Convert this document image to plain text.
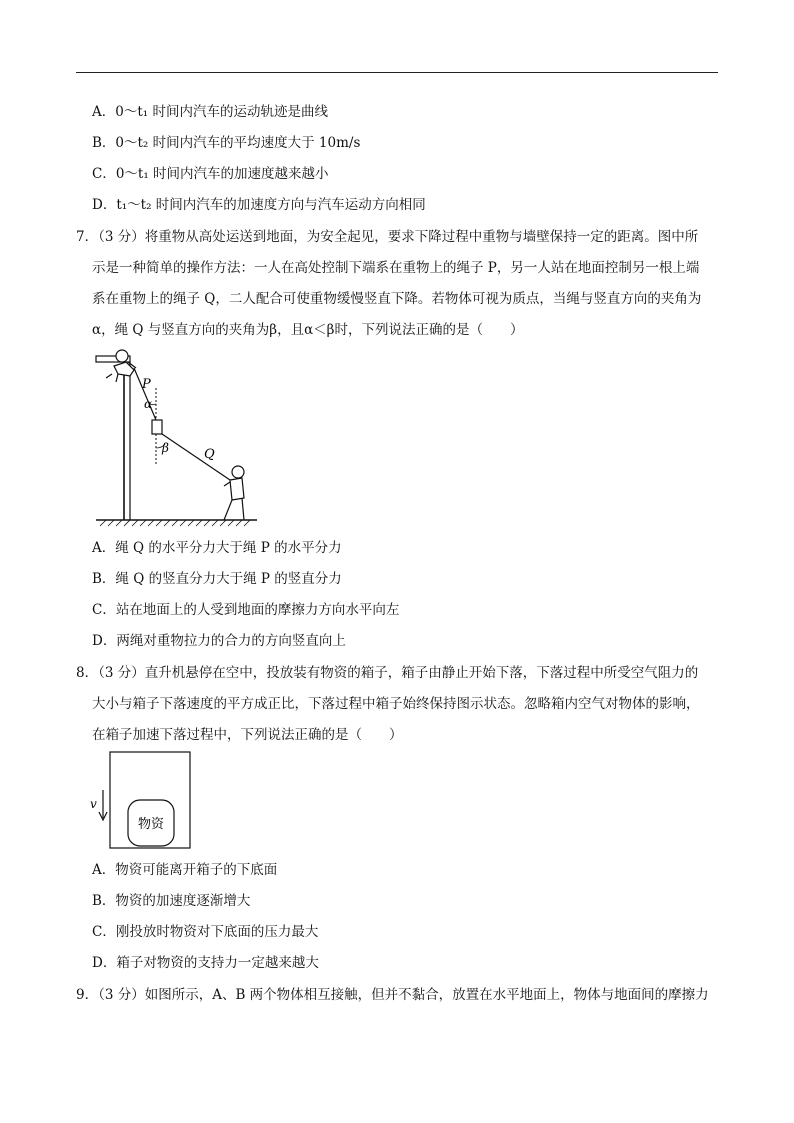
A．0～t₁ 时间内汽车的运动轨迹是曲线
B．0～t₂ 时间内汽车的平均速度大于 10m/s
C．0～t₁ 时间内汽车的加速度越来越小
D．t₁～t₂ 时间内汽车的加速度方向与汽车运动方向相同
7．（3 分）将重物从高处运送到地面，为安全起见，要求下降过程中重物与墙壁保持一定的距离。图中所
示是一种简单的操作方法：一人在高处控制下端系在重物上的绳子 P，另一人站在地面控制另一根上端
系在重物上的绳子 Q，二人配合可使重物缓慢竖直下降。若物体可视为质点，当绳与竖直方向的夹角为
α，绳 Q 与竖直方向的夹角为β，且α＜β时，下列说法正确的是（　　）
P
α
β	Q
A．绳 Q 的水平分力大于绳 P 的水平分力
B．绳 Q 的竖直分力大于绳 P 的竖直分力
C．站在地面上的人受到地面的摩擦力方向水平向左
D．两绳对重物拉力的合力的方向竖直向上
8．（3 分）直升机悬停在空中，投放装有物资的箱子，箱子由静止开始下落，下落过程中所受空气阻力的
大小与箱子下落速度的平方成正比，下落过程中箱子始终保持图示状态。忽略箱内空气对物体的影响，
在箱子加速下落过程中，下列说法正确的是（　　）
物资
v
A．物资可能离开箱子的下底面
B．物资的加速度逐渐增大
C．刚投放时物资对下底面的压力最大
D．箱子对物资的支持力一定越来越大
9．（3 分）如图所示，A、B 两个物体相互接触，但并不黏合，放置在水平地面上，物体与地面间的摩擦力
